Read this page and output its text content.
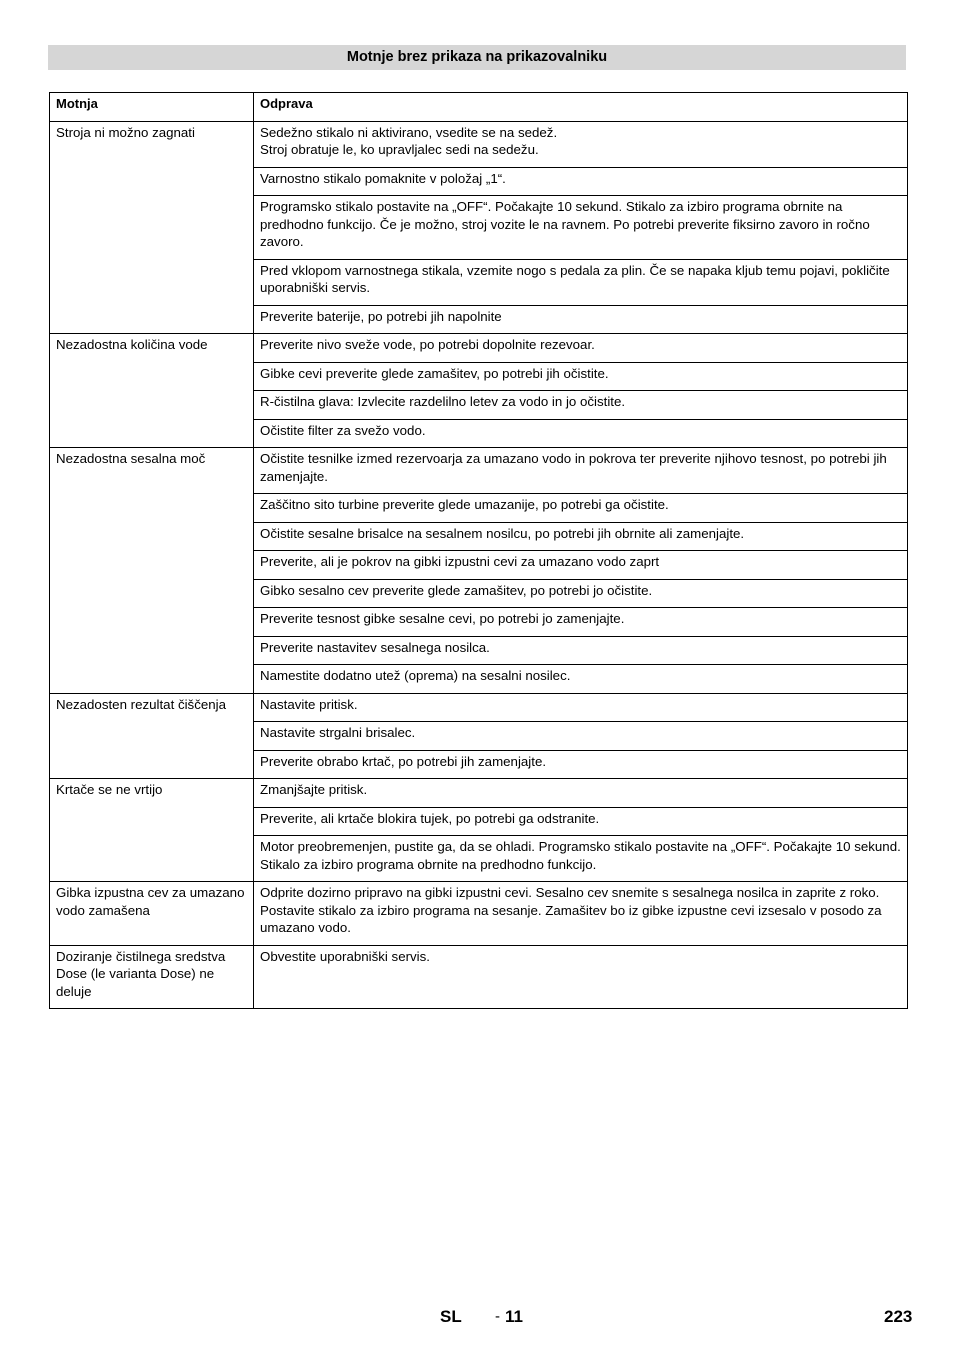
Motnje brez prikaza na prikazovalniku
Motnja	Odprava
Stroja ni možno zagnati	Sedežno stikalo ni aktivirano, vsedite se na sedež.
Stroj obratuje le, ko upravljalec sedi na sedežu.
	Varnostno stikalo pomaknite v položaj „1“.
	Programsko stikalo postavite na „OFF“. Počakajte 10 sekund. Stikalo za izbiro programa obrnite na predhodno funkcijo. Če je možno, stroj vozite le na ravnem. Po potrebi preverite fiksirno zavoro in ročno zavoro.
	Pred vklopom varnostnega stikala, vzemite nogo s pedala za plin. Če se napaka kljub temu pojavi, pokličite uporabniški servis.
	Preverite baterije, po potrebi jih napolnite
Nezadostna količina vode	Preverite nivo sveže vode, po potrebi dopolnite rezevoar.
	Gibke cevi preverite glede zamašitev, po potrebi jih očistite.
	R-čistilna glava: Izvlecite razdelilno letev za vodo in jo očistite.
	Očistite filter za svežo vodo.
Nezadostna sesalna moč	Očistite tesnilke izmed rezervoarja za umazano vodo in pokrova ter preverite njihovo tesnost, po potrebi jih zamenjajte.
	Zaščitno sito turbine preverite glede umazanije, po potrebi ga očistite.
	Očistite sesalne brisalce na sesalnem nosilcu, po potrebi jih obrnite ali zamenjajte.
	Preverite, ali je pokrov na gibki izpustni cevi za umazano vodo zaprt
	Gibko sesalno cev preverite glede zamašitev, po potrebi jo očistite.
	Preverite tesnost gibke sesalne cevi, po potrebi jo zamenjajte.
	Preverite nastavitev sesalnega nosilca.
	Namestite dodatno utež (oprema) na sesalni nosilec.
Nezadosten rezultat čiščenja	Nastavite pritisk.
	Nastavite strgalni brisalec.
	Preverite obrabo krtač, po potrebi jih zamenjajte.
Krtače se ne vrtijo	Zmanjšajte pritisk.
	Preverite, ali krtače blokira tujek, po potrebi ga odstranite.
	Motor preobremenjen, pustite ga, da se ohladi. Programsko stikalo postavite na „OFF“. Počakajte 10 sekund. Stikalo za izbiro programa obrnite na predhodno funkcijo.
Gibka izpustna cev za umazano vodo zamašena	Odprite dozirno pripravo na gibki izpustni cevi. Sesalno cev snemite s sesalnega nosilca in zaprite z roko. Postavite stikalo za izbiro programa na sesanje. Zamašitev bo iz gibke izpustne cevi izsesalo v posodo za umazano vodo.
Doziranje čistilnega sredstva Dose (le varianta Dose) ne deluje	Obvestite uporabniški servis.
SL - 11	223
